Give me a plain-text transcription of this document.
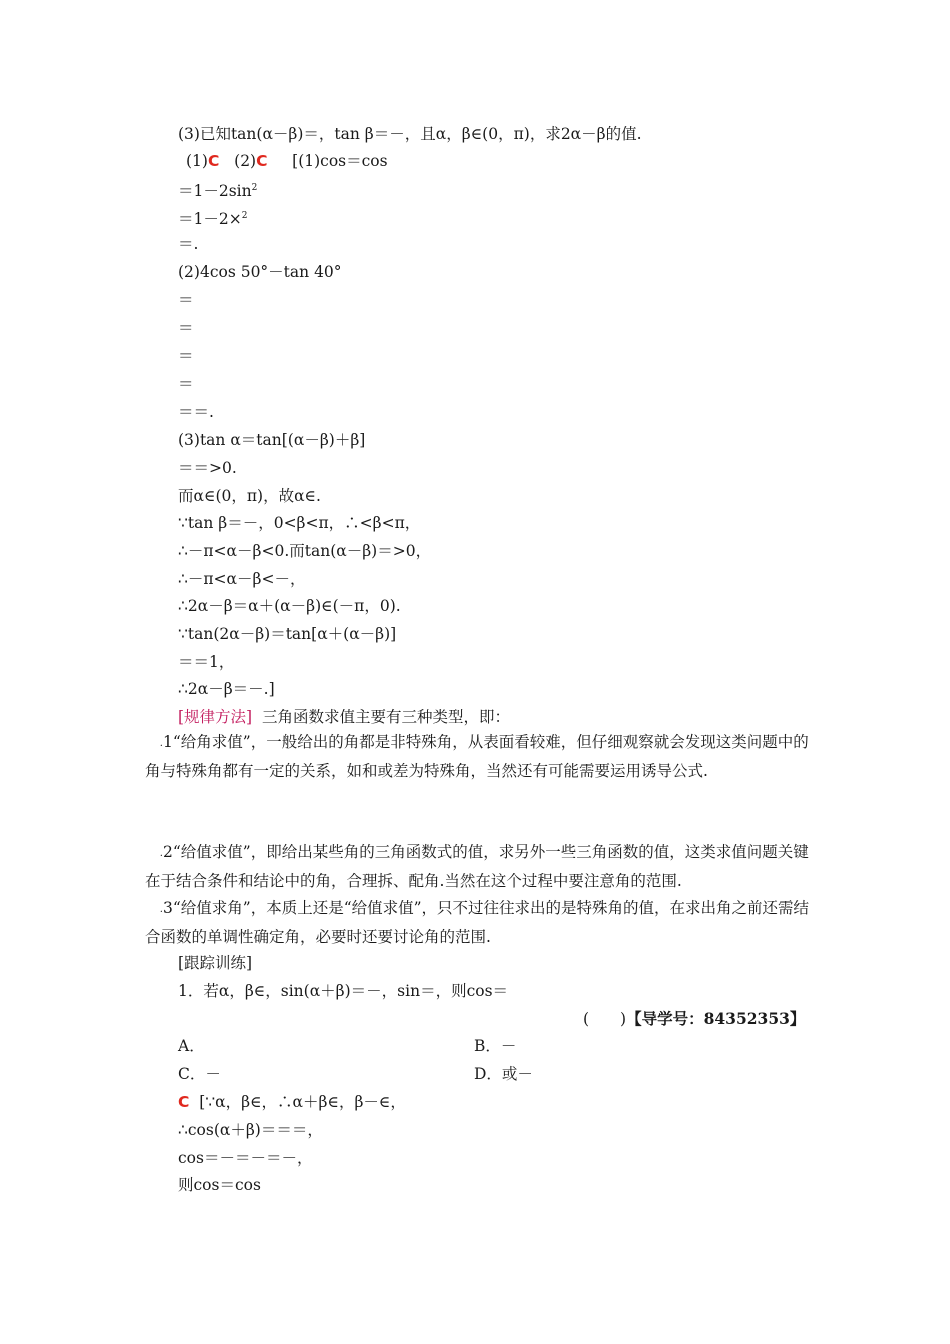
(3)已知tan(α－β)＝，tan β＝－，且α，β∈(0，π)，求2α－β的值.
(1)C (2)C [(1)cos＝cos
$=1-2\sin^2$
＝1－2×$^2$
＝.
(2)4cos 50°－tan 40°
＝
＝
＝
＝
＝＝.
(3)tan α＝tan[(α－β)＋β]
＝＝>0.
而α∈(0，π)，故α∈.
∵tan β＝－，0<β<π，∴<β<π，
∴－π<α－β<0.而tan(α－β)＝>0，
∴－π<α－β<－，
∴2α－β＝α＋(α－β)∈(－π，0).
∵tan(2α－β)＝tan[α＋(α－β)]
＝＝1，
∴2α－β＝－.]
[规律方法] 三角函数求值主要有三种类型，即：
.1“给角求值”，一般给出的角都是非特殊角，从表面看较难，但仔细观察就会发现这类问题中的角与特殊角都有一定的关系，如和或差为特殊角，当然还有可能需要运用诱导公式.
.2“给值求值”，即给出某些角的三角函数式的值，求另外一些三角函数的值，这类求值问题关键在于结合条件和结论中的角，合理拆、配角.当然在这个过程中要注意角的范围.
.3“给值求角”，本质上还是“给值求值”，只不过往往求出的是特殊角的值，在求出角之前还需结合函数的单调性确定角，必要时还要讨论角的范围.
[跟踪训练]
1．若α，β∈，sin(α＋β)＝－，sin＝，则cos＝
(　　)【导学号：84352353】
A．	B．－
C．－	D．或－
C [∵α，β∈，∴α＋β∈，β－∈，
∴cos(α＋β)＝＝＝，
cos＝－＝－＝－，
则cos＝cos
